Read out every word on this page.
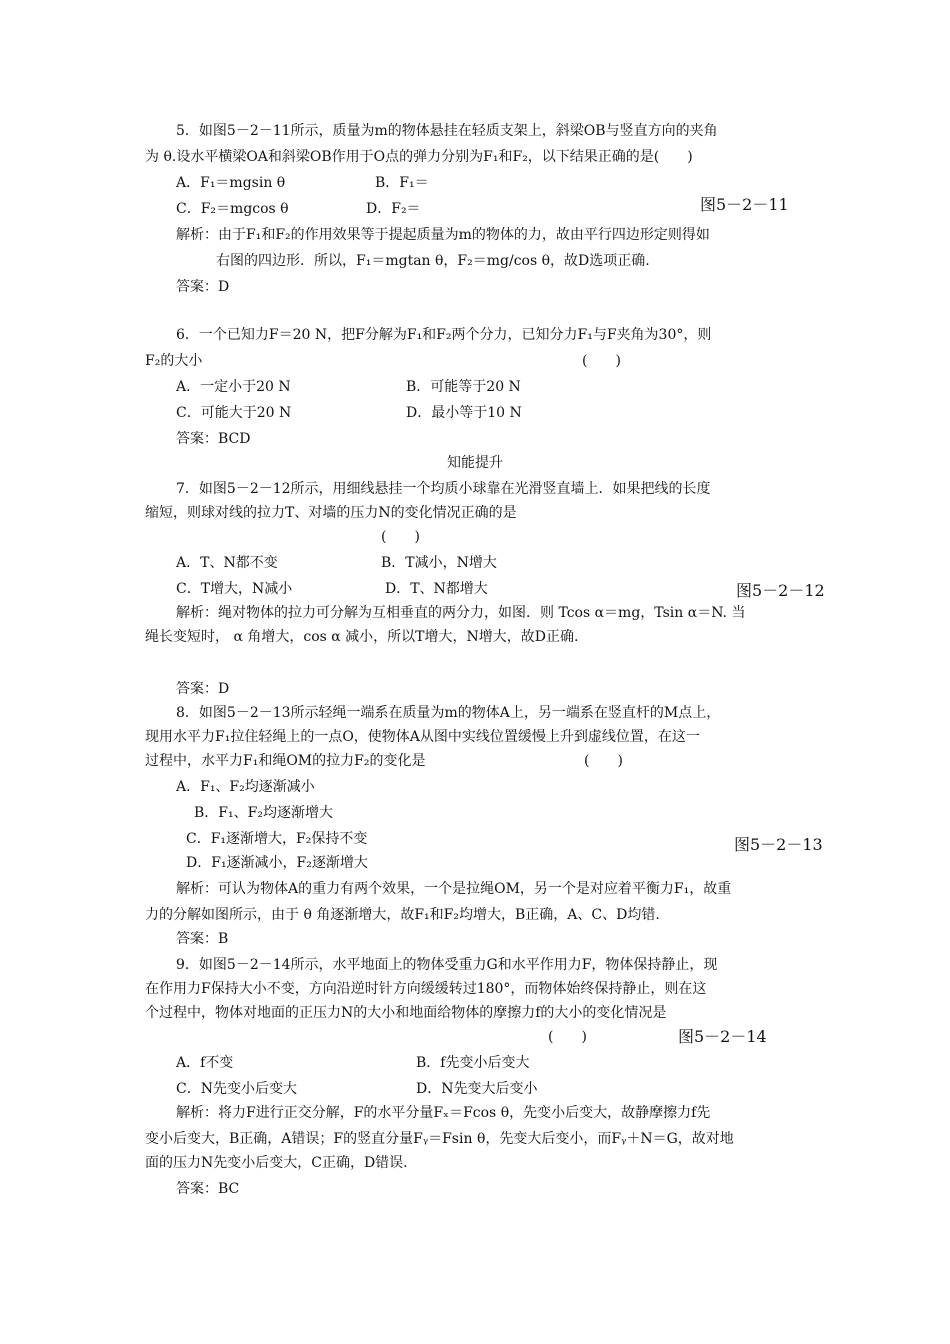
5．如图5－2－11所示，质量为m的物体悬挂在轻质支架上，斜梁OB与竖直方向的夹角
为 θ.设水平横梁OA和斜梁OB作用于O点的弹力分别为F₁和F₂，以下结果正确的是(　　)
A．F₁＝mgsin θ	B．F₁＝
C．F₂＝mgcos θ	D．F₂＝	图5－2－11
解析：由于F₁和F₂的作用效果等于提起质量为m的物体的力，故由平行四边形定则得如
右图的四边形．所以，F₁＝mgtan θ，F₂＝mg/cos θ，故D选项正确.
答案：D
6．一个已知力F＝20 N，把F分解为F₁和F₂两个分力，已知分力F₁与F夹角为30°，则
F₂的大小	(　　)
A．一定小于20 N	B．可能等于20 N
C．可能大于20 N	D．最小等于10 N
答案：BCD
知能提升
7．如图5－2－12所示，用细线悬挂一个均质小球靠在光滑竖直墙上．如果把线的长度
缩短，则球对线的拉力T、对墙的压力N的变化情况正确的是
(　　)
A．T、N都不变	B．T减小，N增大
C．T增大，N减小	D．T、N都增大	图5－2－12
解析：绳对物体的拉力可分解为互相垂直的两分力，如图．则 Tcos α＝mg，Tsin α＝N. 当
绳长变短时， α 角增大，cos α 减小，所以T增大，N增大，故D正确.
答案：D
8．如图5－2－13所示轻绳一端系在质量为m的物体A上，另一端系在竖直杆的M点上，
现用水平力F₁拉住轻绳上的一点O，使物体A从图中实线位置缓慢上升到虚线位置，在这一
过程中，水平力F₁和绳OM的拉力F₂的变化是	(　　)
A．F₁、F₂均逐渐减小
B．F₁、F₂均逐渐增大
C．F₁逐渐增大，F₂保持不变
D．F₁逐渐减小，F₂逐渐增大
图5－2－13
解析：可认为物体A的重力有两个效果，一个是拉绳OM，另一个是对应着平衡力F₁，故重
力的分解如图所示，由于 θ 角逐渐增大，故F₁和F₂均增大，B正确，A、C、D均错.
答案：B
9．如图5－2－14所示，水平地面上的物体受重力G和水平作用力F，物体保持静止，现
在作用力F保持大小不变，方向沿逆时针方向缓缓转过180°，而物体始终保持静止，则在这
个过程中，物体对地面的正压力N的大小和地面给物体的摩擦力f的大小的变化情况是
(　　)	图5－2－14
A．f不变	B．f先变小后变大
C．N先变小后变大	D．N先变大后变小
解析：将力F进行正交分解，F的水平分量Fₓ＝Fcos θ，先变小后变大，故静摩擦力f先
变小后变大，B正确，A错误；F的竖直分量Fᵧ＝Fsin θ，先变大后变小，而Fᵧ＋N＝G，故对地
面的压力N先变小后变大，C正确，D错误.
答案：BC
